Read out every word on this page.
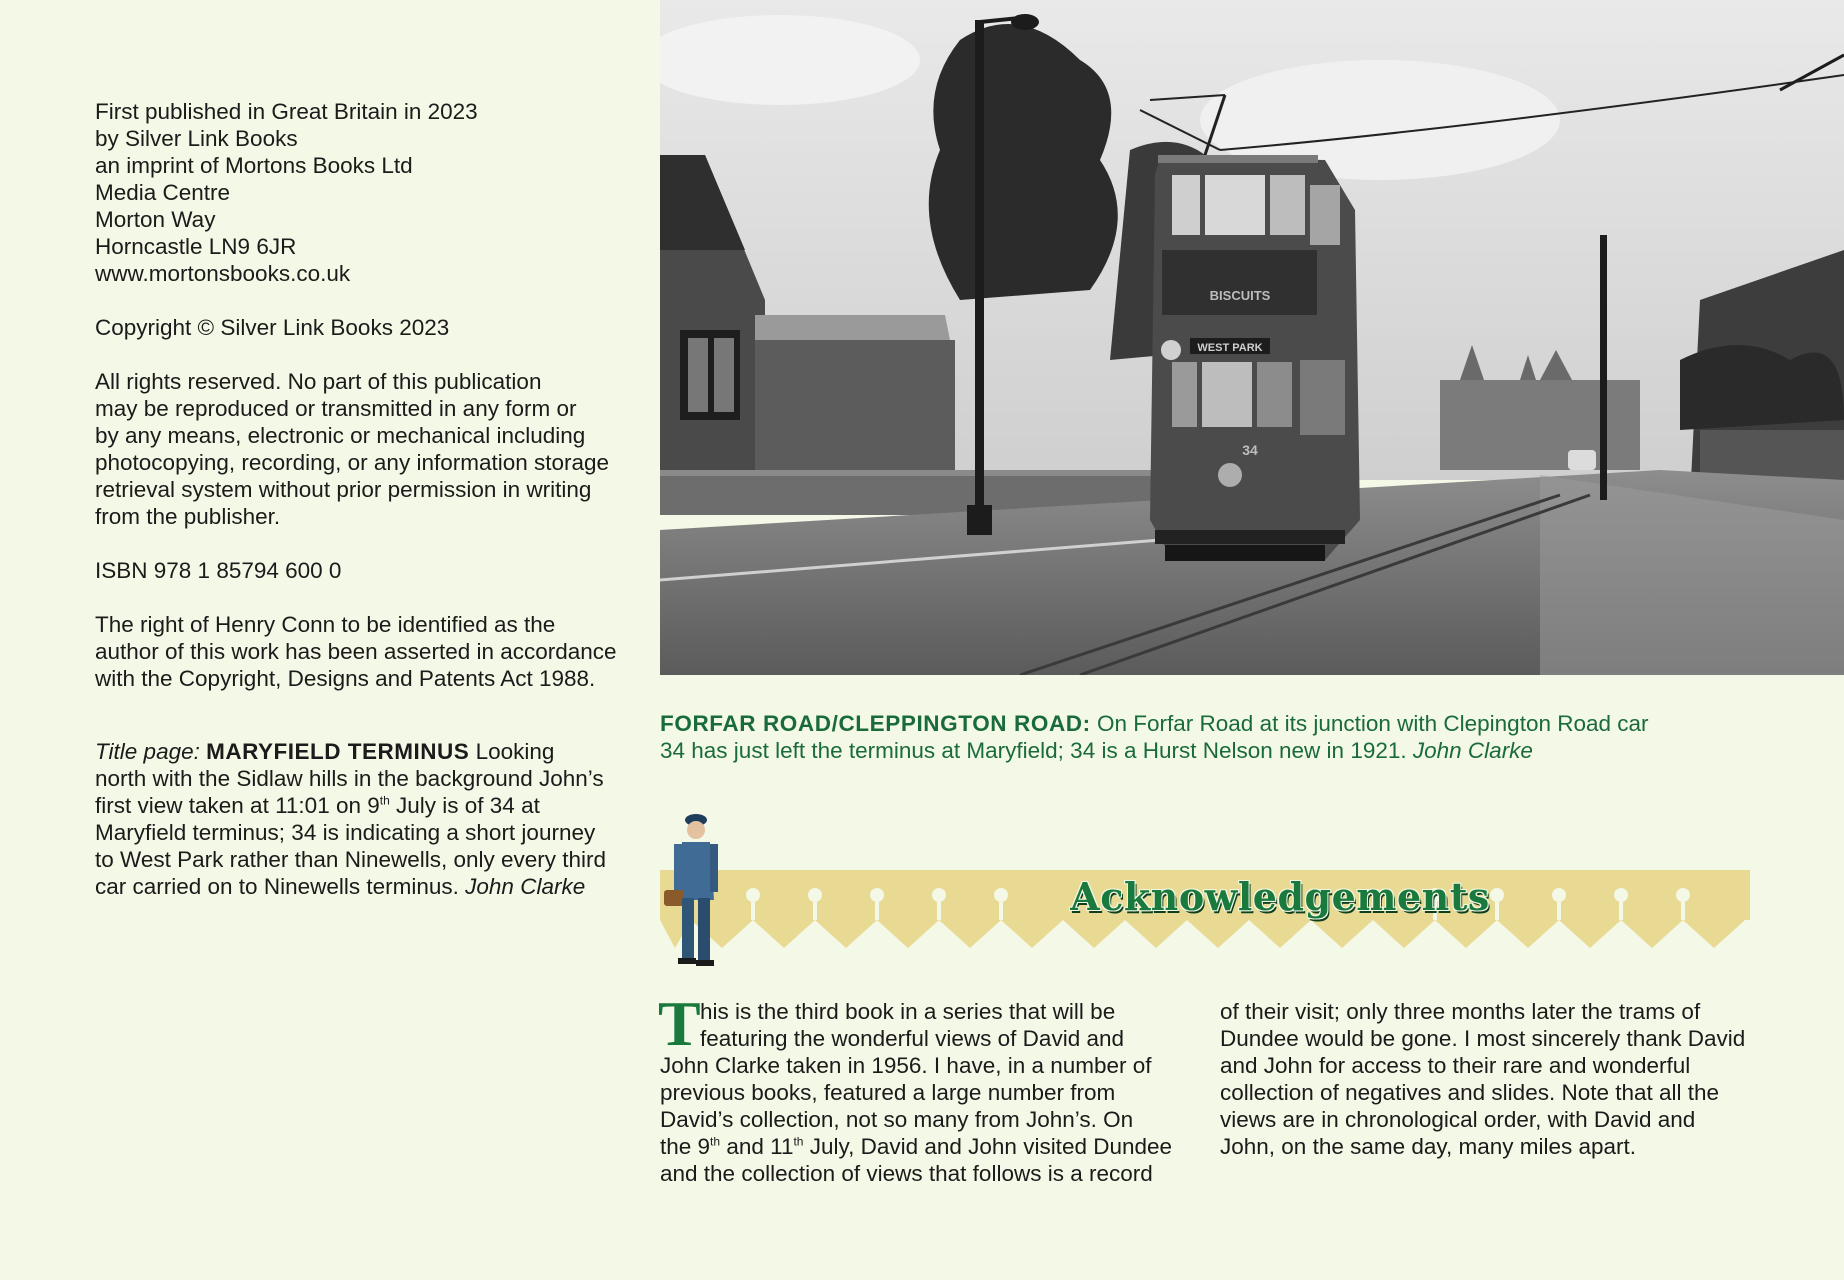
First published in Great Britain in 2023
by Silver Link Books
an imprint of Mortons Books Ltd
Media Centre
Morton Way
Horncastle LN9 6JR
www.mortonsbooks.co.uk
Copyright © Silver Link Books 2023
All rights reserved. No part of this publication
may be reproduced or transmitted in any form or
by any means, electronic or mechanical including
photocopying, recording, or any information storage
retrieval system without prior permission in writing
from the publisher.
ISBN 978 1 85794 600 0
The right of Henry Conn to be identified as the
author of this work has been asserted in accordance
with the Copyright, Designs and Patents Act 1988.
Title page: MARYFIELD TERMINUS Looking
north with the Sidlaw hills in the background John’s
first view taken at 11:01 on 9th July is of 34 at
Maryfield terminus; 34 is indicating a short journey
to West Park rather than Ninewells, only every third
car carried on to Ninewells terminus. John Clarke
BISCUITS
WEST PARK
34
FORFAR ROAD/CLEPPINGTON ROAD: On Forfar Road at its junction with Clepington Road car
34 has just left the terminus at Maryfield; 34 is a Hurst Nelson new in 1921. John Clarke
Acknowledgements
T his is the third book in a series that will be
featuring the wonderful views of David and
John Clarke taken in 1956. I have, in a number of
previous books, featured a large number from
David’s collection, not so many from John’s. On
the 9th and 11th July, David and John visited Dundee
and the collection of views that follows is a record
of their visit; only three months later the trams of
Dundee would be gone. I most sincerely thank David
and John for access to their rare and wonderful
collection of negatives and slides. Note that all the
views are in chronological order, with David and
John, on the same day, many miles apart.
